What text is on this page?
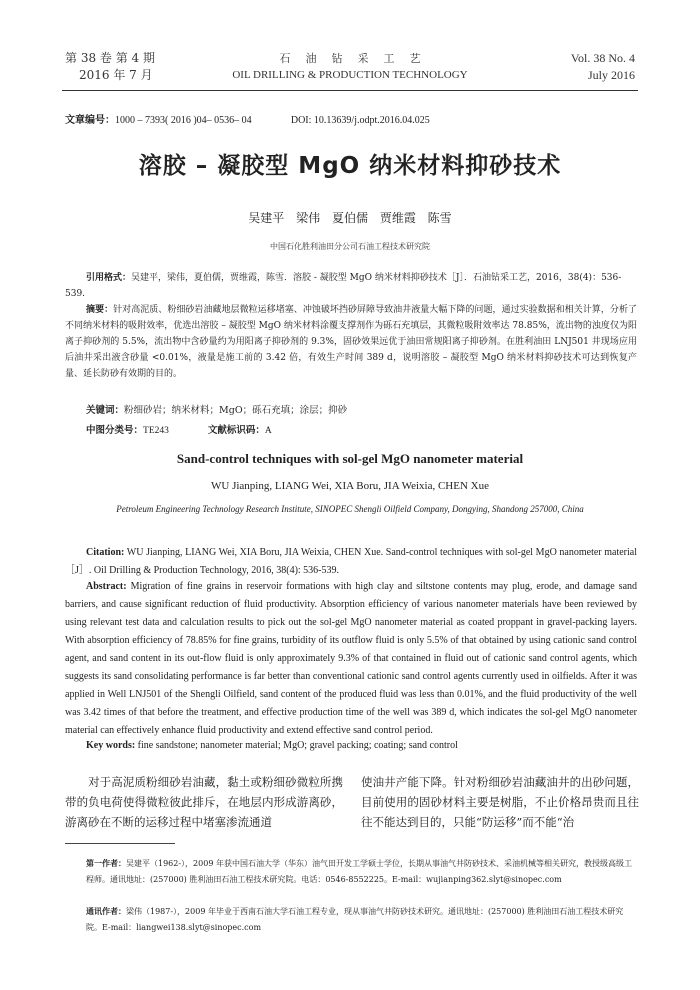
第 38 卷 第 4 期
2016 年 7 月
石油钻采工艺
OIL DRILLING & PRODUCTION TECHNOLOGY
Vol. 38 No. 4
July 2016
文章编号：1000 – 7393( 2016 )04– 0536– 04	DOI: 10.13639/j.odpt.2016.04.025
溶胶 – 凝胶型 MgO 纳米材料抑砂技术
吴建平 梁伟 夏伯儒 贾维霞 陈雪
中国石化胜利油田分公司石油工程技术研究院
引用格式：吴建平，梁伟，夏伯儒，贾维霞，陈雪．溶胶 - 凝胶型 MgO 纳米材料抑砂技术［J］．石油钻采工艺，2016，38(4)：536-539.
摘要：针对高泥质、粉细砂岩油藏地层微粒运移堵塞、冲蚀破坏挡砂屏障导致油井液量大幅下降的问题，通过实验数据和相关计算，分析了不同纳米材料的吸附效率，优选出溶胶 – 凝胶型 MgO 纳米材料涂覆支撑剂作为砾石充填层，其微粒吸附效率达 78.85%，流出物的浊度仅为阳离子抑砂剂的 5.5%，流出物中含砂量约为用阳离子抑砂剂的 9.3%，固砂效果远优于油田常规阳离子抑砂剂。在胜利油田 LNJ501 井现场应用后油井采出液含砂量 <0.01%，液量是施工前的 3.42 倍，有效生产时间 389 d，说明溶胶 – 凝胶型 MgO 纳米材料抑砂技术可达到恢复产量、延长防砂有效期的目的。
关键词：粉细砂岩；纳米材料；MgO；砾石充填；涂层；抑砂
中图分类号：TE243	文献标识码：A
Sand-control techniques with sol-gel MgO nanometer material
WU Jianping, LIANG Wei, XIA Boru, JIA Weixia, CHEN Xue
Petroleum Engineering Technology Research Institute, SINOPEC Shengli Oilfield Company, Dongying, Shandong 257000, China
Citation: WU Jianping, LIANG Wei, XIA Boru, JIA Weixia, CHEN Xue. Sand-control techniques with sol-gel MgO nanometer material［J］. Oil Drilling & Production Technology, 2016, 38(4): 536-539.
Abstract: Migration of fine grains in reservoir formations with high clay and siltstone contents may plug, erode, and damage sand barriers, and cause significant reduction of fluid productivity. Absorption efficiency of various nanometer materials have been reviewed by using relevant test data and calculation results to pick out the sol-gel MgO nanometer material as coated proppant in gravel-packing layers. With absorption efficiency of 78.85% for fine grains, turbidity of its outflow fluid is only 5.5% of that obtained by using cationic sand control agent, and sand content in its out-flow fluid is only approximately 9.3% of that contained in fluid out of cationic sand control agents, which suggests its sand consolidating performance is far better than conventional cationic sand control agents currently used in oilfields. After it was applied in Well LNJ501 of the Shengli Oilfield, sand content of the produced fluid was less than 0.01%, and the fluid productivity of the well was 3.42 times of that before the treatment, and effective production time of the well was 389 d, which indicates the sol-gel MgO nanometer material can effectively enhance fluid productivity and extend effective sand control period.
Key words: fine sandstone; nanometer material; MgO; gravel packing; coating; sand control
对于高泥质粉细砂岩油藏，黏土或粉细砂微粒所携带的负电荷使得微粒彼此排斥，在地层内形成游离砂，游离砂在不断的运移过程中堵塞渗流通道
使油井产能下降。针对粉细砂岩油藏油井的出砂问题，目前使用的固砂材料主要是树脂，不止价格昂贵而且往往不能达到目的，只能“防运移”而不能“治
第一作者：吴建平（1962-），2009 年获中国石油大学（华东）油气田开发工学硕士学位，长期从事油气井防砂技术、采油机械等相关研究，教授级高级工程师。通讯地址：(257000) 胜利油田石油工程技术研究院。电话：0546-8552225。E-mail：wujianping362.slyt@sinopec.com
通讯作者：梁伟（1987-），2009 年毕业于西南石油大学石油工程专业，现从事油气井防砂技术研究。通讯地址：(257000) 胜利油田石油工程技术研究院。E-mail：liangwei138.slyt@sinopec.com
